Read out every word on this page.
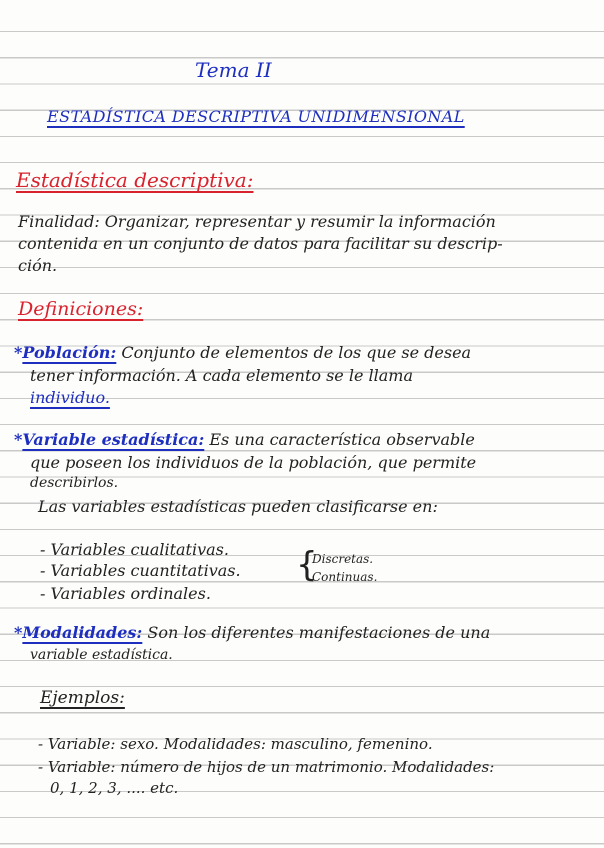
Tema II
ESTADÍSTICA DESCRIPTIVA UNIDIMENSIONAL
Estadística descriptiva:
Finalidad: Organizar, representar y resumir la información
contenida en un conjunto de datos para facilitar su descrip-
ción.
Definiciones:
*Población: Conjunto de elementos de los que se desea
tener información. A cada elemento se le llama
individuo.
*Variable estadística: Es una característica observable
que poseen los individuos de la población, que permite
describirlos.
Las variables estadísticas pueden clasificarse en:
- Variables cualitativas.
- Variables cuantitativas.
- Variables ordinales.
{
Discretas.
Continuas.
*Modalidades: Son los diferentes manifestaciones de una
variable estadística.
Ejemplos:
- Variable: sexo. Modalidades: masculino, femenino.
- Variable: número de hijos de un matrimonio. Modalidades:
0, 1, 2, 3, .... etc.
